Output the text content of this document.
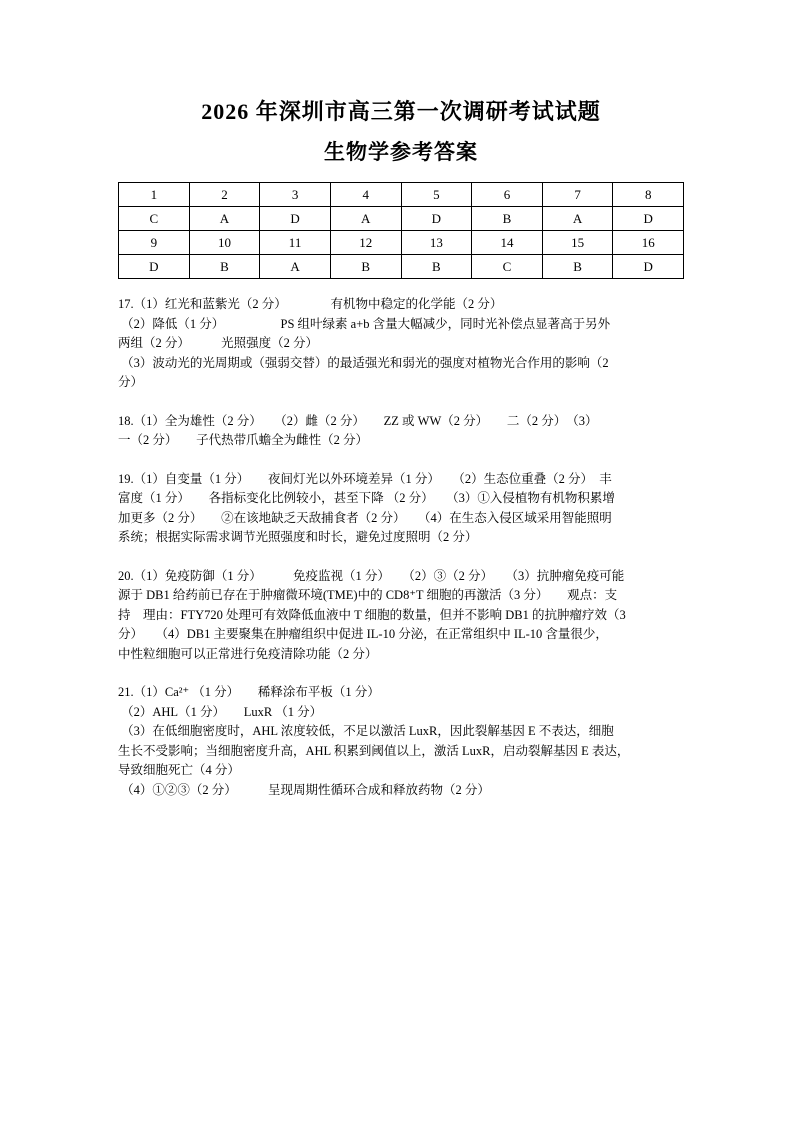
2026 年深圳市高三第一次调研考试试题
生物学参考答案
1	2	3	4	5	6	7	8
C	A	D	A	D	B	A	D
9	10	11	12	13	14	15	16
D	B	A	B	B	C	B	D
17.（1）红光和蓝紫光（2 分）　　　　有机物中稳定的化学能（2 分）
（2）降低（1 分）　　　　　PS 组叶绿素 a+b 含量大幅减少，同时光补偿点显著高于另外
两组（2 分）　　　光照强度（2 分）
（3）波动光的光周期或（强弱交替）的最适强光和弱光的强度对植物光合作用的影响（2
分）
18.（1）全为雄性（2 分）　　（2）雌（2 分）　　ZZ 或 WW（2 分）　　二（2 分）　（3）
一（2 分）　　子代热带爪蟾全为雌性（2 分）
19.（1）自变量（1 分）　　夜间灯光以外环境差异（1 分）　　（2）生态位重叠（2 分）　丰
富度（1 分）　　各指标变化比例较小，甚至下降 （2 分）　　（3）①入侵植物有机物积累增
加更多（2 分）　　②在该地缺乏天敌捕食者（2 分）　　（4）在生态入侵区域采用智能照明
系统；根据实际需求调节光照强度和时长，避免过度照明（2 分）
20.（1）免疫防御（1 分）　　　免疫监视（1 分）　　（2）③（2 分）　　（3）抗肿瘤免疫可能
源于 DB1 给药前已存在于肿瘤微环境(TME)中的 CD8⁺T 细胞的再激活（3 分）　　观点：支
持　理由：FTY720 处理可有效降低血液中 T 细胞的数量，但并不影响 DB1 的抗肿瘤疗效（3
分）　　（4）DB1 主要聚集在肿瘤组织中促进 IL-10 分泌，在正常组织中 IL-10 含量很少，
中性粒细胞可以正常进行免疫清除功能（2 分）
21.（1）Ca²⁺ （1 分）　　稀释涂布平板（1 分）
（2）AHL（1 分）　　LuxR （1 分）
（3）在低细胞密度时，AHL 浓度较低，不足以激活 LuxR，因此裂解基因 E 不表达，细胞
生长不受影响；当细胞密度升高，AHL 积累到阈值以上，激活 LuxR，启动裂解基因 E 表达，
导致细胞死亡（4 分）
（4）①②③（2 分）　　　呈现周期性循环合成和释放药物（2 分）
